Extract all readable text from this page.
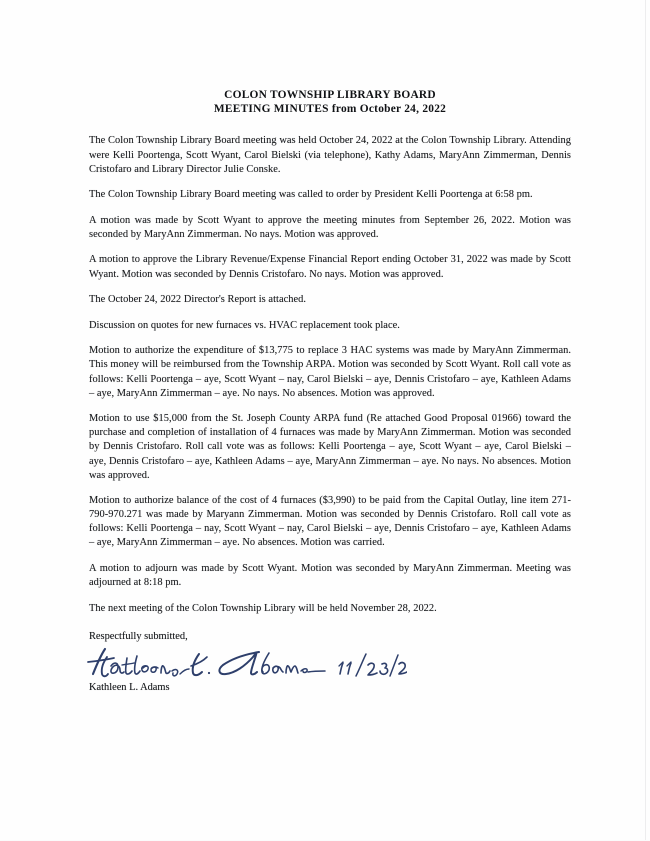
COLON TOWNSHIP LIBRARY BOARD
MEETING MINUTES from October 24, 2022

The Colon Township Library Board meeting was held October 24, 2022 at the Colon Township Library. Attending were Kelli Poortenga, Scott Wyant, Carol Bielski (via telephone), Kathy Adams, MaryAnn Zimmerman, Dennis Cristofaro and Library Director Julie Conske.

The Colon Township Library Board meeting was called to order by President Kelli Poortenga at 6:58 pm.

A motion was made by Scott Wyant to approve the meeting minutes from September 26, 2022. Motion was seconded by MaryAnn Zimmerman. No nays. Motion was approved.

A motion to approve the Library Revenue/Expense Financial Report ending October 31, 2022 was made by Scott Wyant. Motion was seconded by Dennis Cristofaro. No nays. Motion was approved.

The October 24, 2022 Director's Report is attached.

Discussion on quotes for new furnaces vs. HVAC replacement took place.

Motion to authorize the expenditure of $13,775 to replace 3 HAC systems was made by MaryAnn Zimmerman. This money will be reimbursed from the Township ARPA. Motion was seconded by Scott Wyant. Roll call vote as follows: Kelli Poortenga – aye, Scott Wyant – nay, Carol Bielski – aye, Dennis Cristofaro – aye, Kathleen Adams – aye, MaryAnn Zimmerman – aye. No nays. No absences. Motion was approved.

Motion to use $15,000 from the St. Joseph County ARPA fund (Re attached Good Proposal 01966) toward the purchase and completion of installation of 4 furnaces was made by MaryAnn Zimmerman. Motion was seconded by Dennis Cristofaro. Roll call vote was as follows: Kelli Poortenga – aye, Scott Wyant – aye, Carol Bielski – aye, Dennis Cristofaro – aye, Kathleen Adams – aye, MaryAnn Zimmerman – aye. No nays. No absences. Motion was approved.

Motion to authorize balance of the cost of 4 furnaces ($3,990) to be paid from the Capital Outlay, line item 271-790-970.271 was made by Maryann Zimmerman. Motion was seconded by Dennis Cristofaro. Roll call vote as follows: Kelli Poortenga – nay, Scott Wyant – nay, Carol Bielski – aye, Dennis Cristofaro – aye, Kathleen Adams – aye, MaryAnn Zimmerman – aye. No absences. Motion was carried.

A motion to adjourn was made by Scott Wyant. Motion was seconded by MaryAnn Zimmerman. Meeting was adjourned at 8:18 pm.

The next meeting of the Colon Township Library will be held November 28, 2022.

Respectfully submitted,

Kathleen L. Adams
